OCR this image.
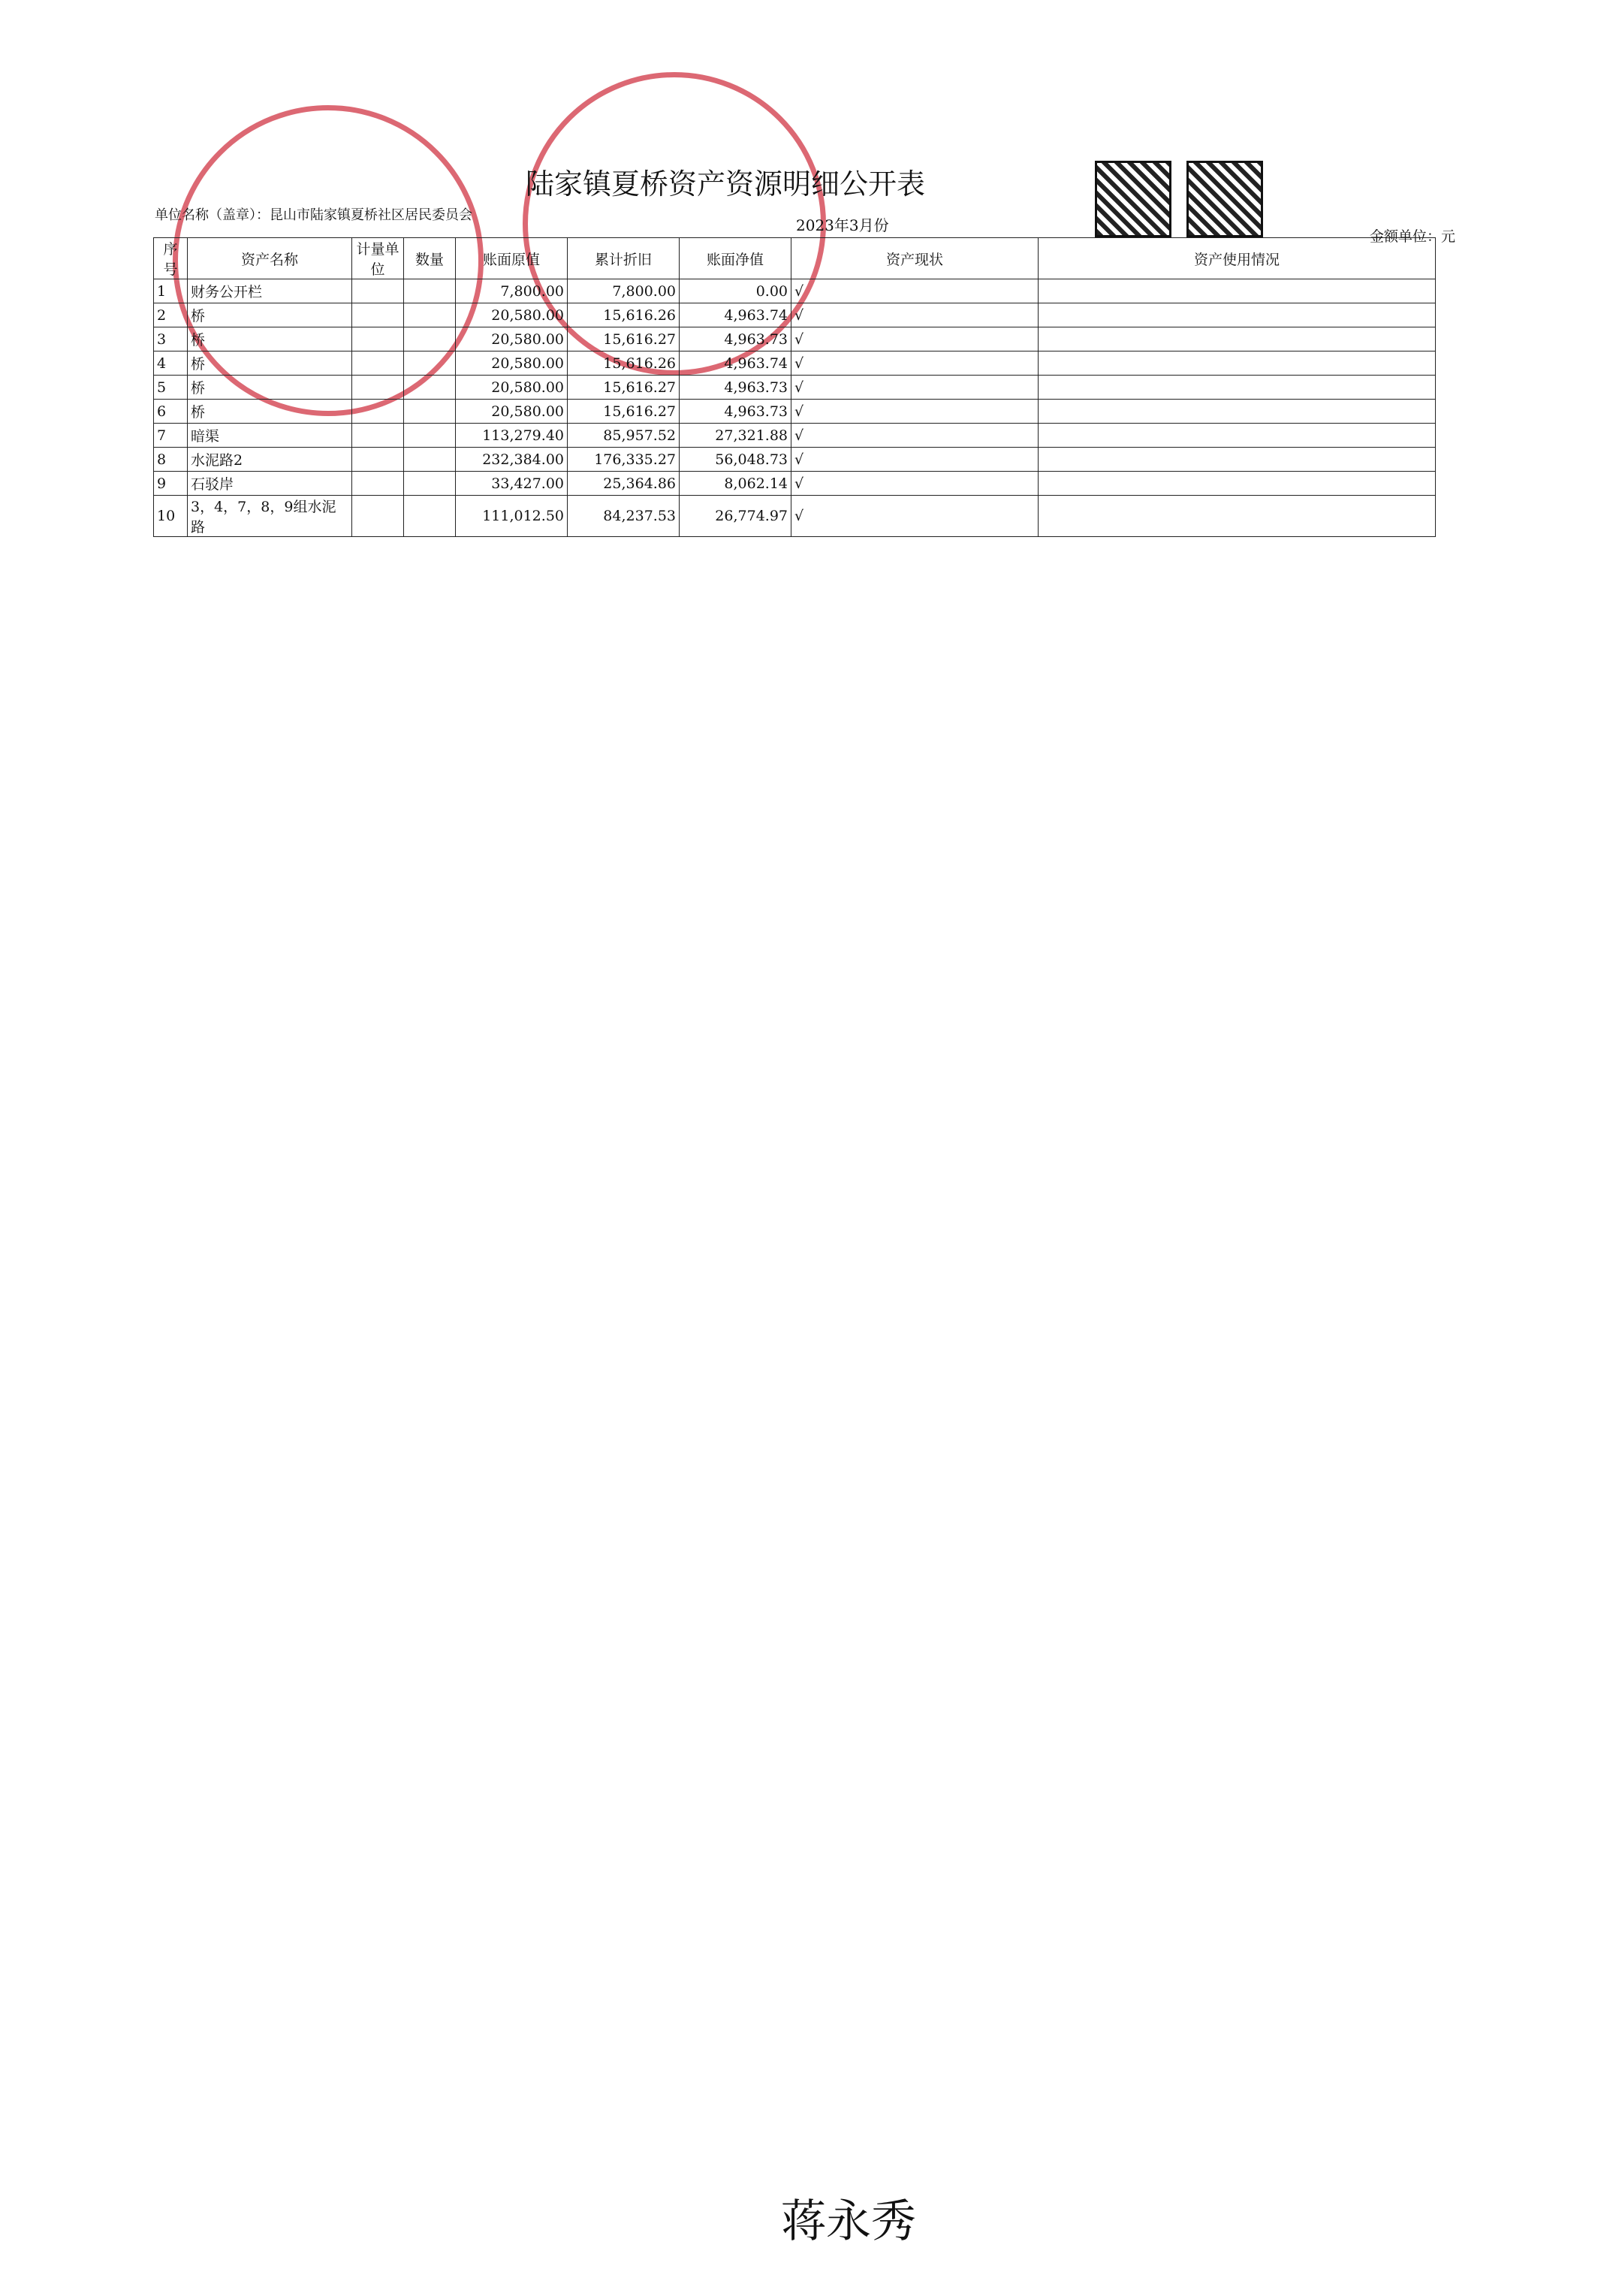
陆家镇夏桥资产资源明细公开表
2023年3月份
单位名称（盖章）：昆山市陆家镇夏桥社区居民委员会
金额单位：元
序号	资产名称	计量单位	数量	账面原值	累计折旧	账面净值	资产现状	资产使用情况
1	财务公开栏			7,800.00	7,800.00	0.00	√	
2	桥			20,580.00	15,616.26	4,963.74	√	
3	桥			20,580.00	15,616.27	4,963.73	√	
4	桥			20,580.00	15,616.26	4,963.74	√	
5	桥			20,580.00	15,616.27	4,963.73	√	
6	桥			20,580.00	15,616.27	4,963.73	√	
7	暗渠			113,279.40	85,957.52	27,321.88	√	
8	水泥路2			232,384.00	176,335.27	56,048.73	√	
9	石驳岸			33,427.00	25,364.86	8,062.14	√	
10	3，4，7，8，9组水泥路			111,012.50	84,237.53	26,774.97	√	
蒋永秀
